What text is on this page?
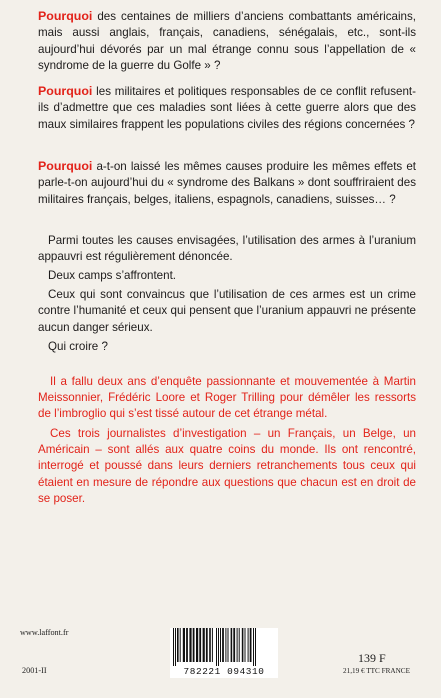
Pourquoi des centaines de milliers d’anciens combattants américains, mais aussi anglais, français, canadiens, sénégalais, etc., sont-ils aujourd’hui dévorés par un mal étrange connu sous l’appellation de « syndrome de la guerre du Golfe » ?

Pourquoi les militaires et politiques responsables de ce conflit refusent-ils d’admettre que ces maladies sont liées à cette guerre alors que des maux similaires frappent les populations civiles des régions concernées ?

Pourquoi a-t-on laissé les mêmes causes produire les mêmes effets et parle-t-on aujourd’hui du « syndrome des Balkans » dont souffriraient des militaires français, belges, italiens, espagnols, canadiens, suisses… ?

Parmi toutes les causes envisagées, l’utilisation des armes à l’uranium appauvri est régulièrement dénoncée.

Deux camps s’affrontent.

Ceux qui sont convaincus que l’utilisation de ces armes est un crime contre l’humanité et ceux qui pensent que l’uranium appauvri ne présente aucun danger sérieux.

Qui croire ?

Il a fallu deux ans d’enquête passionnante et mouvementée à Martin Meissonnier, Frédéric Loore et Roger Trilling pour démêler les ressorts de l’imbroglio qui s’est tissé autour de cet étrange métal.

Ces trois journalistes d’investigation – un Français, un Belge, un Américain – sont allés aux quatre coins du monde. Ils ont rencontré, interrogé et poussé dans leurs derniers retranchements tous ceux qui étaient en mesure de répondre aux questions que chacun est en droit de se poser.

www.laffont.fr
2001-II	782221 094310
139 F
21,19 € TTC FRANCE
